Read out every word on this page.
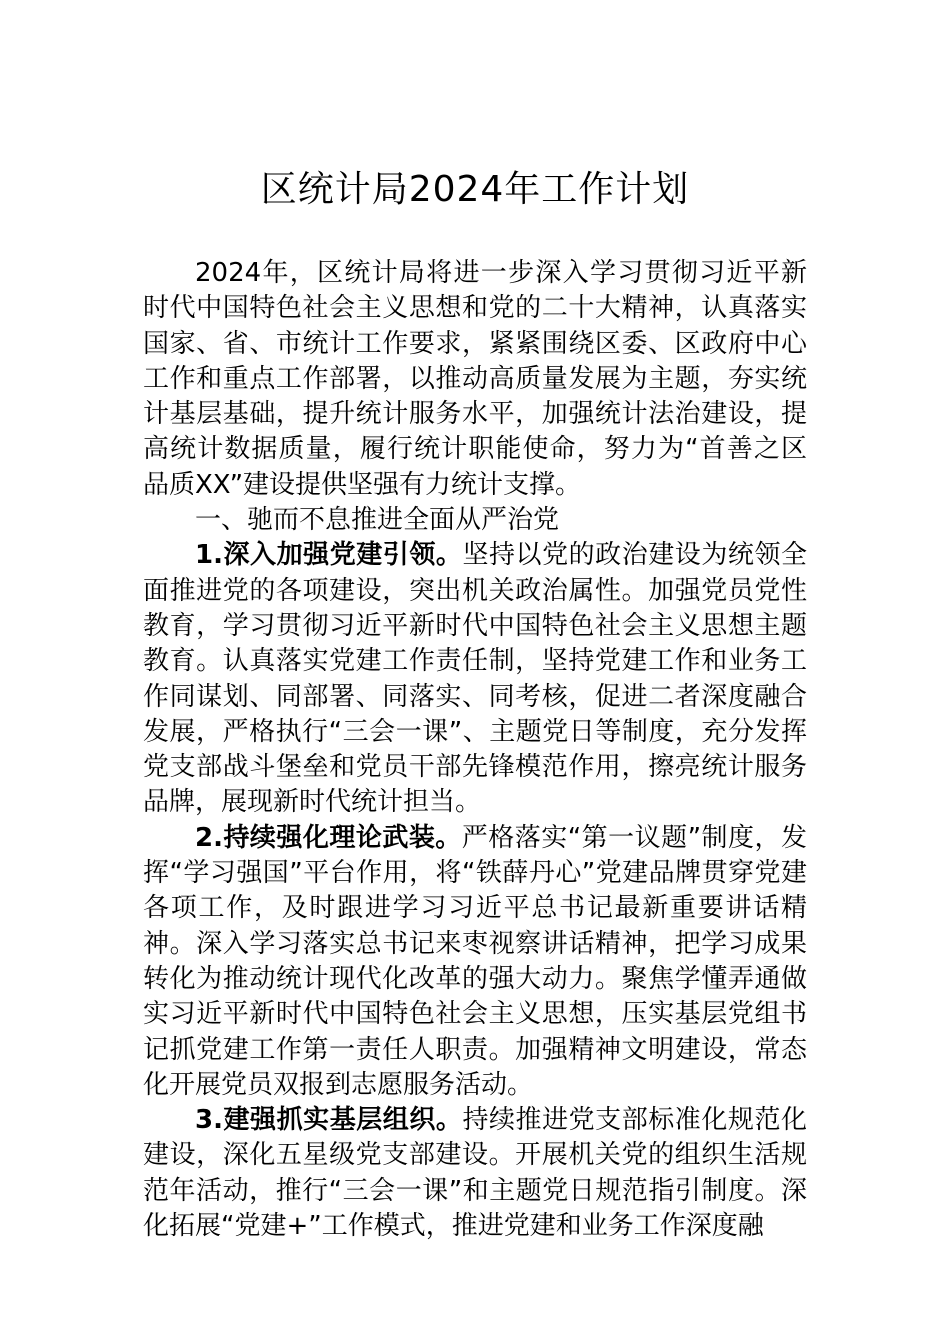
区统计局2024年工作计划

2024年，区统计局将进一步深入学习贯彻习近平新时代中国特色社会主义思想和党的二十大精神，认真落实国家、省、市统计工作要求，紧紧围绕区委、区政府中心工作和重点工作部署，以推动高质量发展为主题，夯实统计基层基础，提升统计服务水平，加强统计法治建设，提高统计数据质量，履行统计职能使命，努力为“首善之区 品质XX”建设提供坚强有力统计支撑。

一、驰而不息推进全面从严治党

1.深入加强党建引领。坚持以党的政治建设为统领全面推进党的各项建设，突出机关政治属性。加强党员党性教育，学习贯彻习近平新时代中国特色社会主义思想主题教育。认真落实党建工作责任制，坚持党建工作和业务工作同谋划、同部署、同落实、同考核，促进二者深度融合发展，严格执行“三会一课”、主题党日等制度，充分发挥党支部战斗堡垒和党员干部先锋模范作用，擦亮统计服务品牌，展现新时代统计担当。

2.持续强化理论武装。严格落实“第一议题”制度，发挥“学习强国”平台作用，将“铁薛丹心”党建品牌贯穿党建各项工作，及时跟进学习习近平总书记最新重要讲话精神。深入学习落实总书记来枣视察讲话精神，把学习成果转化为推动统计现代化改革的强大动力。聚焦学懂弄通做实习近平新时代中国特色社会主义思想，压实基层党组书记抓党建工作第一责任人职责。加强精神文明建设，常态化开展党员双报到志愿服务活动。

3.建强抓实基层组织。持续推进党支部标准化规范化建设，深化五星级党支部建设。开展机关党的组织生活规范年活动，推行“三会一课”和主题党日规范指引制度。深化拓展“党建+”工作模式，推进党建和业务工作深度融
